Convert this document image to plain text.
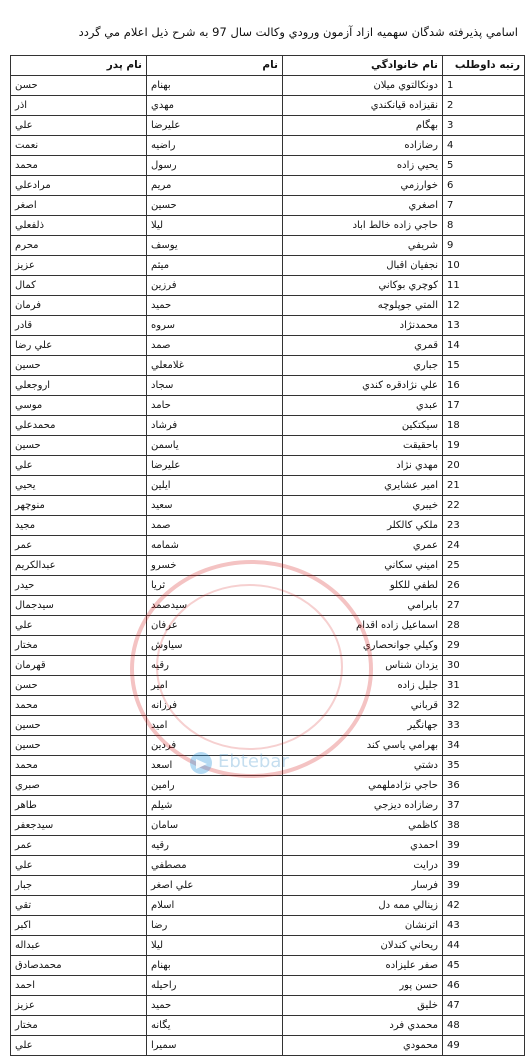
اسامي پذيرفته شدگان سهميه ازاد آزمون ورودي وكالت سال 97 به شرح ذيل اعلام مي گردد
رتبه داوطلب	نام خانوادگي	نام	نام پدر
1	دونكالتوي ميلان	بهنام	حسن
2	نقيزاده قيانكندي	مهدي	اذر
3	بهگام	عليرضا	علي
4	رضازاده	راضيه	نعمت
5	يحيي زاده	رسول	محمد
6	خوارزمي	مريم	مرادعلي
7	اصغري	حسين	اصغر
8	حاجي زاده خالط اباد	ليلا	ذلفعلي
9	شريفي	يوسف	محرم
10	نجفيان اقبال	ميثم	عزيز
11	كوچري بوكاني	فرزين	كمال
12	المتي جوپلوچه	حميد	فرمان
13	محمدنژاد	سروه	قادر
14	قمري	صمد	علي رضا
15	جباري	غلامعلي	حسين
16	علي نژادقره كندي	سجاد	اروجعلي
17	عبدي	حامد	موسي
18	سيكتكين	فرشاد	محمدعلي
19	باحقيقت	ياسمن	حسين
20	مهدي نژاد	عليرضا	علي
21	امير عشايري	ايلين	يحيي
22	خيبري	سعيد	منوچهر
23	ملكي كالكلر	صمد	مجيد
24	عمري	شمامه	عمر
25	اميني سكاني	خسرو	عبدالكريم
26	لطفي للكلو	ثريا	حيدر
27	بابرامي	سيدصمد	سيدجمال
28	اسماعيل زاده اقدام	عرفان	علي
29	وكيلي جوانحصاري	سياوش	مختار
30	يزدان شناس	رقيه	قهرمان
31	جليل زاده	امير	حسن
32	قرباني	فرزانه	محمد
33	جهانگير	اميد	حسين
34	بهرامي ياسي كند	فردين	حسين
35	دشتي	اسعد	محمد
36	حاجي نژادملهمي	رامين	صبري
37	رضازاده ديزجي	شيلم	طاهر
38	كاظمي	سامان	سيدجعفر
39	احمدي	رقيه	عمر
39	درايت	مصطفي	علي
39	فرسار	علي اصغر	جبار
42	زينالي ممه دل	اسلام	تقي
43	اترنشان	رضا	اكبر
44	ريحاني كندلان	ليلا	عبداله
45	صفر عليزاده	بهنام	محمدصادق
46	حسن پور	راحيله	احمد
47	خليق	حميد	عزيز
48	محمدي فرد	يگانه	مختار
49	محمودي	سميرا	علي
Ebtebar
